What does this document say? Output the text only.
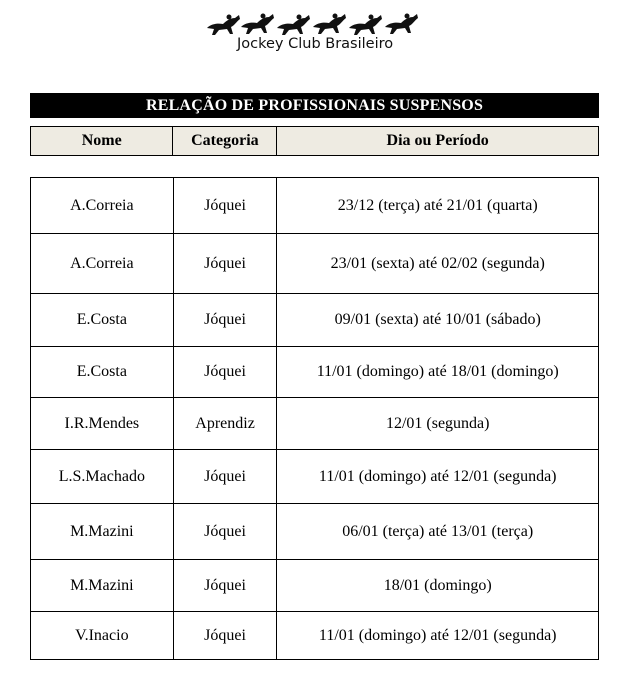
Jockey Club Brasileiro
RELAÇÃO DE PROFISSIONAIS SUSPENSOS
Nome	Categoria	Dia ou Período
A.Correia	Jóquei	23/12 (terça) até 21/01 (quarta)
A.Correia	Jóquei	23/01 (sexta) até 02/02 (segunda)
E.Costa	Jóquei	09/01 (sexta) até 10/01 (sábado)
E.Costa	Jóquei	11/01 (domingo) até 18/01 (domingo)
I.R.Mendes	Aprendiz	12/01 (segunda)
L.S.Machado	Jóquei	11/01 (domingo) até 12/01 (segunda)
M.Mazini	Jóquei	06/01 (terça) até 13/01 (terça)
M.Mazini	Jóquei	18/01 (domingo)
V.Inacio	Jóquei	11/01 (domingo) até 12/01 (segunda)
